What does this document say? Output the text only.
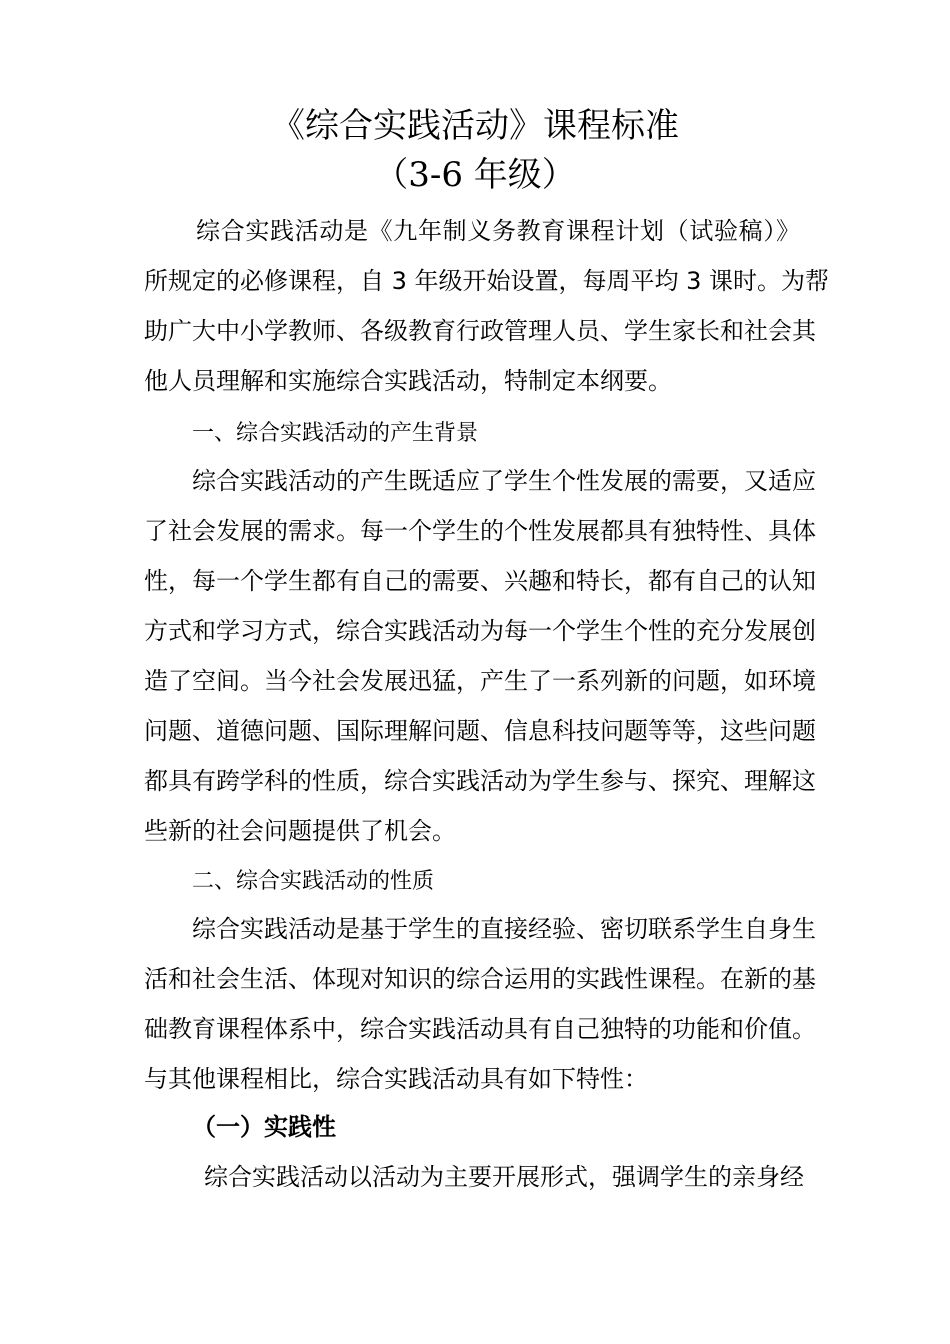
《综合实践活动》课程标准
（3-6 年级）
综合实践活动是《九年制义务教育课程计划（试验稿）》
所规定的必修课程，自 3 年级开始设置，每周平均 3 课时。为帮
助广大中小学教师、各级教育行政管理人员、学生家长和社会其
他人员理解和实施综合实践活动，特制定本纲要。
一、综合实践活动的产生背景
综合实践活动的产生既适应了学生个性发展的需要，又适应
了社会发展的需求。每一个学生的个性发展都具有独特性、具体
性，每一个学生都有自己的需要、兴趣和特长，都有自己的认知
方式和学习方式，综合实践活动为每一个学生个性的充分发展创
造了空间。当今社会发展迅猛，产生了一系列新的问题，如环境
问题、道德问题、国际理解问题、信息科技问题等等，这些问题
都具有跨学科的性质，综合实践活动为学生参与、探究、理解这
些新的社会问题提供了机会。
二、综合实践活动的性质
综合实践活动是基于学生的直接经验、密切联系学生自身生
活和社会生活、体现对知识的综合运用的实践性课程。在新的基
础教育课程体系中，综合实践活动具有自己独特的功能和价值。
与其他课程相比，综合实践活动具有如下特性：
（一）实践性
综合实践活动以活动为主要开展形式，强调学生的亲身经
